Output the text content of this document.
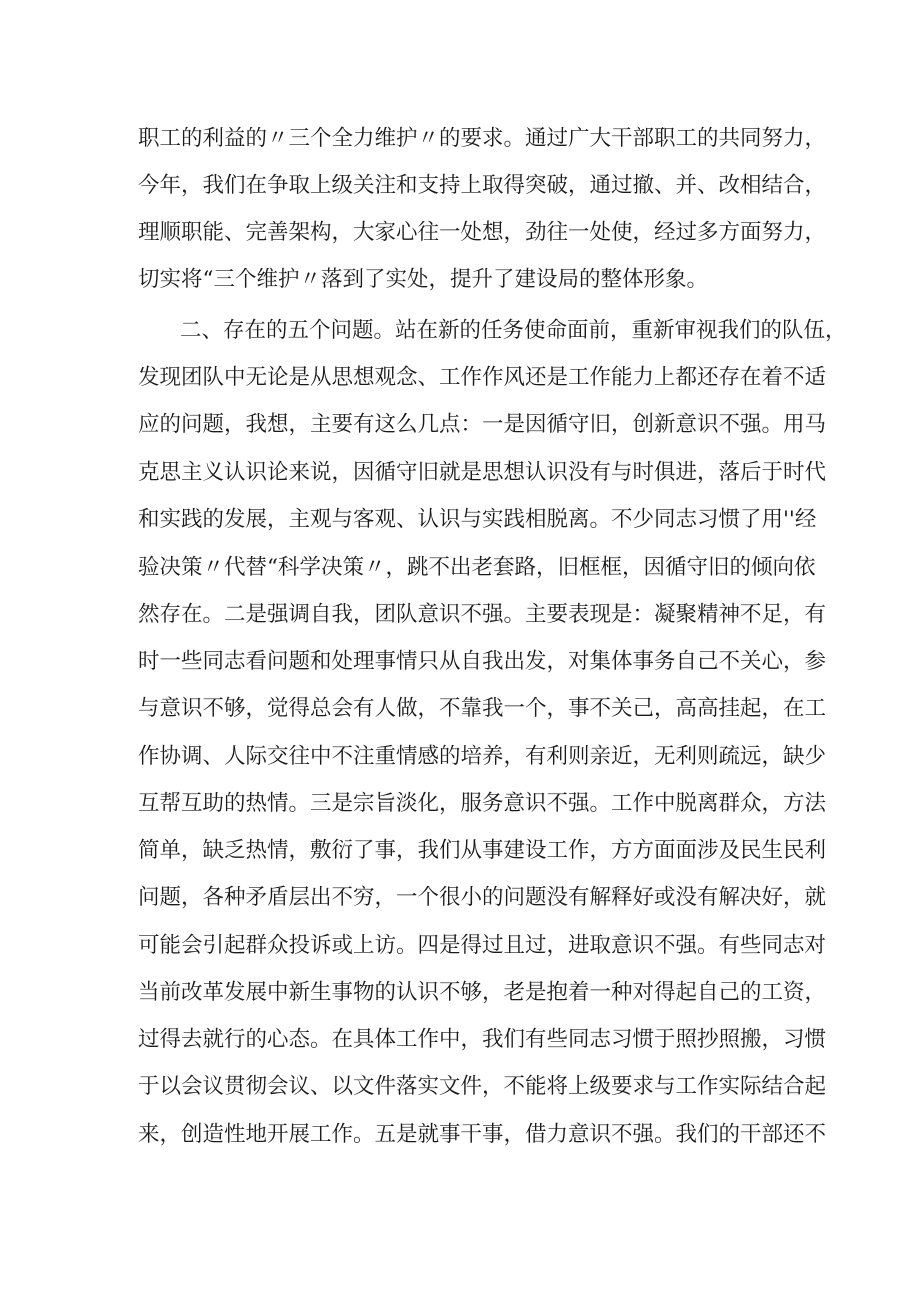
职工的利益的〃三个全力维护〃的要求。通过广大干部职工的共同努力，
今年，我们在争取上级关注和支持上取得突破，通过撤、并、改相结合，
理顺职能、完善架构，大家心往一处想，劲往一处使，经过多方面努力，
切实将“三个维护〃落到了实处，提升了建设局的整体形象。
二、存在的五个问题。站在新的任务使命面前，重新审视我们的队伍，
发现团队中无论是从思想观念、工作作风还是工作能力上都还存在着不适
应的问题，我想，主要有这么几点：一是因循守旧，创新意识不强。用马
克思主义认识论来说，因循守旧就是思想认识没有与时俱进，落后于时代
和实践的发展，主观与客观、认识与实践相脱离。不少同志习惯了用''经
验决策〃代替“科学决策〃，跳不出老套路，旧框框，因循守旧的倾向依
然存在。二是强调自我，团队意识不强。主要表现是：凝聚精神不足，有
时一些同志看问题和处理事情只从自我出发，对集体事务自己不关心，参
与意识不够，觉得总会有人做，不靠我一个，事不关己，高高挂起，在工
作协调、人际交往中不注重情感的培养，有利则亲近，无利则疏远，缺少
互帮互助的热情。三是宗旨淡化，服务意识不强。工作中脱离群众，方法
简单，缺乏热情，敷衍了事，我们从事建设工作，方方面面涉及民生民利
问题，各种矛盾层出不穷，一个很小的问题没有解释好或没有解决好，就
可能会引起群众投诉或上访。四是得过且过，进取意识不强。有些同志对
当前改革发展中新生事物的认识不够，老是抱着一种对得起自己的工资，
过得去就行的心态。在具体工作中，我们有些同志习惯于照抄照搬，习惯
于以会议贯彻会议、以文件落实文件，不能将上级要求与工作实际结合起
来，创造性地开展工作。五是就事干事，借力意识不强。我们的干部还不
